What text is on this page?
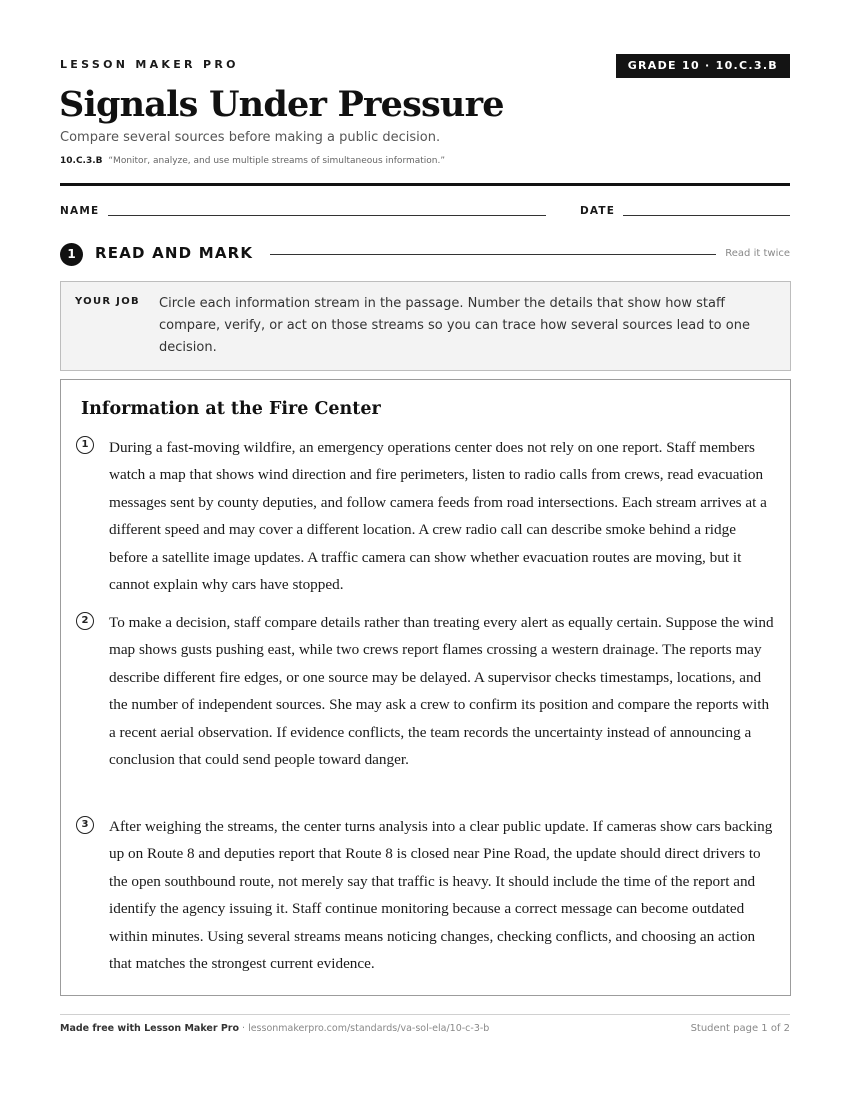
LESSON MAKER PRO	GRADE 10 · 10.C.3.B
Signals Under Pressure
Compare several sources before making a public decision.
10.C.3.B “Monitor, analyze, and use multiple streams of simultaneous information.”
NAME	DATE
1	READ AND MARK	Read it twice
YOUR JOB Circle each information stream in the passage. Number the details that show how staff compare, verify, or act on those streams so you can trace how several sources lead to one decision.
Information at the Fire Center
1	During a fast-moving wildfire, an emergency operations center does not rely on one report. Staff members watch a map that shows wind direction and fire perimeters, listen to radio calls from crews, read evacuation messages sent by county deputies, and follow camera feeds from road intersections. Each stream arrives at a different speed and may cover a different location. A crew radio call can describe smoke behind a ridge before a satellite image updates. A traffic camera can show whether evacuation routes are moving, but it cannot explain why cars have stopped.

2	To make a decision, staff compare details rather than treating every alert as equally certain. Suppose the wind map shows gusts pushing east, while two crews report flames crossing a western drainage. The reports may describe different fire edges, or one source may be delayed. A supervisor checks timestamps, locations, and the number of independent sources. She may ask a crew to confirm its position and compare the reports with a recent aerial observation. If evidence conflicts, the team records the uncertainty instead of announcing a conclusion that could send people toward danger.

3	After weighing the streams, the center turns analysis into a clear public update. If cameras show cars backing up on Route 8 and deputies report that Route 8 is closed near Pine Road, the update should direct drivers to the open southbound route, not merely say that traffic is heavy. It should include the time of the report and identify the agency issuing it. Staff continue monitoring because a correct message can become outdated within minutes. Using several streams means noticing changes, checking conflicts, and choosing an action that matches the strongest current evidence.

Made free with Lesson Maker Pro · lessonmakerpro.com/standards/va-sol-ela/10-c-3-b	Student page 1 of 2
